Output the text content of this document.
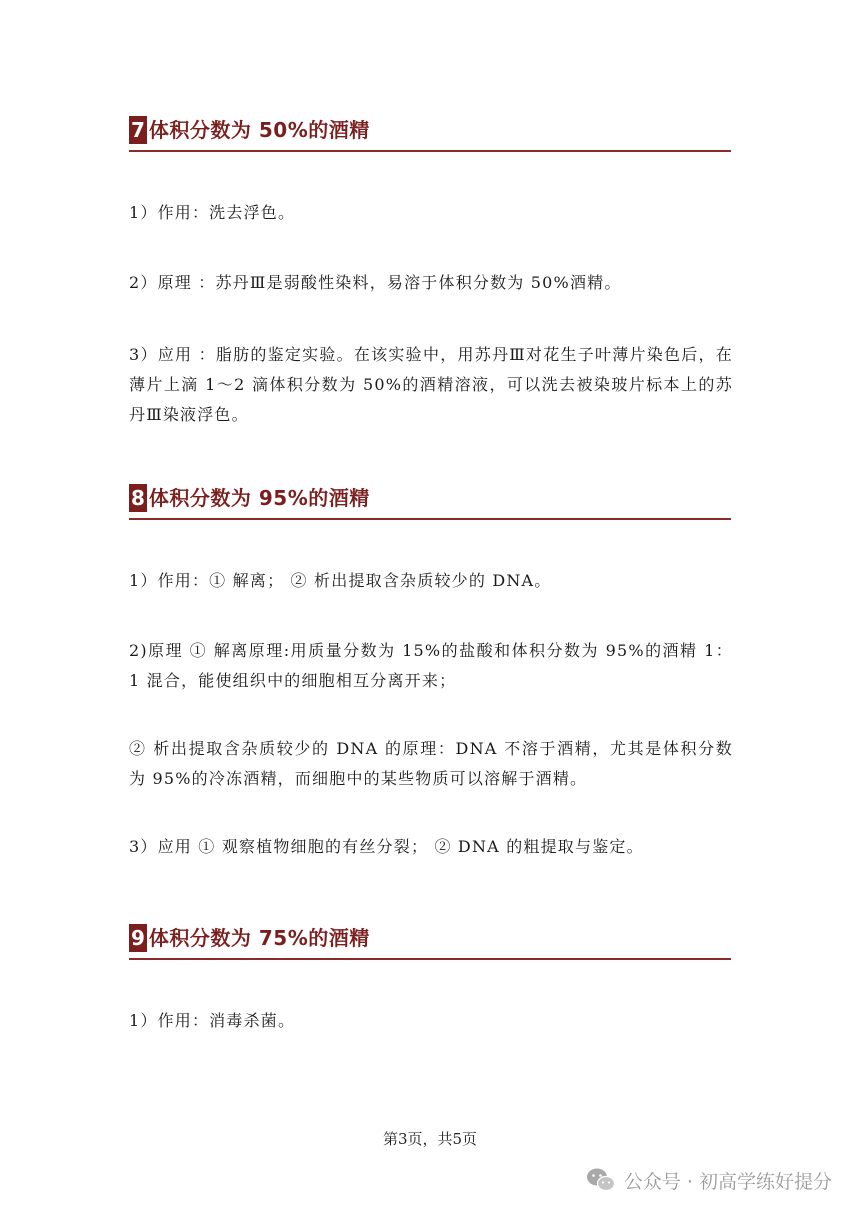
7 体积分数为 50%的酒精

1）作用：洗去浮色。

2）原理 ：苏丹Ⅲ是弱酸性染料，易溶于体积分数为 50%酒精。

3）应用 ：脂肪的鉴定实验。在该实验中，用苏丹Ⅲ对花生子叶薄片染色后，在薄片上滴 1～2 滴体积分数为 50%的酒精溶液，可以洗去被染玻片标本上的苏丹Ⅲ染液浮色。

8 体积分数为 95%的酒精

1）作用：① 解离； ② 析出提取含杂质较少的 DNA。

2)原理 ① 解离原理:用质量分数为 15%的盐酸和体积分数为 95%的酒精 1：1 混合，能使组织中的细胞相互分离开来；

② 析出提取含杂质较少的 DNA 的原理：DNA 不溶于酒精，尤其是体积分数为 95%的冷冻酒精，而细胞中的某些物质可以溶解于酒精。

3）应用 ① 观察植物细胞的有丝分裂； ② DNA 的粗提取与鉴定。

9 体积分数为 75%的酒精

1）作用：消毒杀菌。

第3页，共5页
公众号 · 初高学练好提分
